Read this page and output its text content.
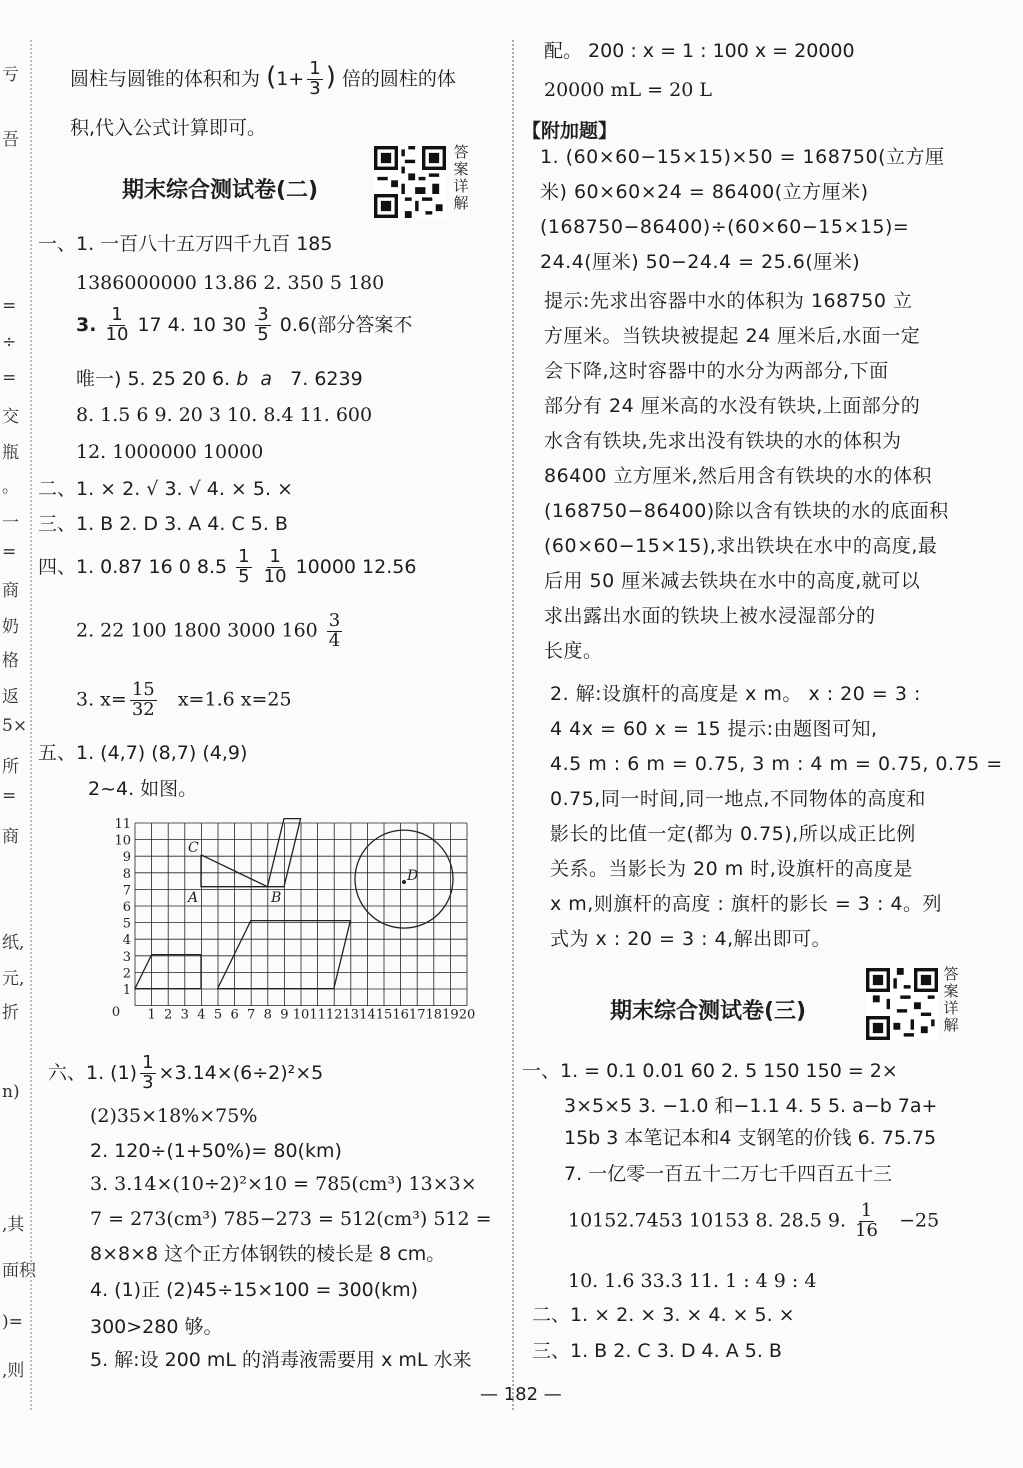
亏
吾
=
÷
=
交
瓶
。
一
=
商
奶
格
返
5×
所
=
商
纸,
元,
折
n)
,其
面积
)=
,则
圆柱与圆锥的体积和为 ($1+ \frac{1}{3}$ ) 倍的圆柱的体
积,代入公式计算即可。
期末综合测试卷(二)
答
案
详
解
一、1. 一百八十五万四千九百 185
1386000000 13.86 2. 350 5 180
3. $\frac{1}{10} 17$ 4. 10 $30 \frac{3}{5} 0.6$(部分答案不
唯一) 5. 25 20 6. b a 7. 6239
8. 1.5 6 9. 20 3 10. 8.4 11. 600
12. 1000000 10000
二、1. × 2. √ 3. √ 4. × 5. ×
三、1. B 2. D 3. A 4. C 5. B
四、1. 0.87 16 0 $8.5 \frac{1}{5}$
$\frac{1}{10} 10000$ 12.56
2. 22 100 1800 3000 $160 \frac{3}{4}$
3. $x= \frac{15}{32} x=1.6$ x=25
五、1. (4,7) (8,7) (4,9)
2~4. 如图。
0 1 2 3 4 5 6 7 8 9 10 11 12 13 14 15 16 17 18 19 20
1
2
3
4
5
6
7
8
9
10
11
C
A	B
D
六、1. $(1) \frac{1}{3} \times 3.14\times(6\div 2)^2\times 5$
(2)35×18%×75%
2. 120÷(1+50%)= 80(km)
3. 3.14×(10÷2)²×10 = 785(cm³) 13×3×
7 = 273(cm³) 785−273 = 512(cm³) 512 =
8×8×8 这个正方体钢铁的棱长是 8 cm。
4. (1)正 (2)45÷15×100 = 300(km)
300>280 够。
5. 解:设 200 mL 的消毒液需要用 x mL 水来
配。 200 : x = 1 : 100 x = 20000
20000 mL = 20 L
【附加题】
1. (60×60−15×15)×50 = 168750(立方厘
米) 60×60×24 = 86400(立方厘米)
(168750−86400)÷(60×60−15×15)=
24.4(厘米) 50−24.4 = 25.6(厘米)
提示:先求出容器中水的体积为 168750 立
方厘米。当铁块被提起 24 厘米后,水面一定
会下降,这时容器中的水分为两部分,下面
部分有 24 厘米高的水没有铁块,上面部分的
水含有铁块,先求出没有铁块的水的体积为
86400 立方厘米,然后用含有铁块的水的体积
(168750−86400)除以含有铁块的水的底面积
(60×60−15×15),求出铁块在水中的高度,最
后用 50 厘米减去铁块在水中的高度,就可以
求出露出水面的铁块上被水浸湿部分的
长度。
2. 解:设旗杆的高度是 x m。 x : 20 = 3 :
4 4x = 60 x = 15 提示:由题图可知,
4.5 m : 6 m = 0.75, 3 m : 4 m = 0.75, 0.75 =
0.75,同一时间,同一地点,不同物体的高度和
影长的比值一定(都为 0.75),所以成正比例
关系。当影长为 20 m 时,设旗杆的高度是
x m,则旗杆的高度 : 旗杆的影长 = 3 : 4。列
式为 x : 20 = 3 : 4,解出即可。
期末综合测试卷(三)
答
案
详
解
一、1. = 0.1 0.01 60 2. 5 150 150 = 2×
3×5×5 3. −1.0 和−1.1 4. 5 5. a−b 7a+
15b 3 本笔记本和4 支钢笔的价钱 6. 75.75
7. 一亿零一百五十二万七千四百五十三
10152.7453 10153 8. 28.5 9. $\frac{1}{16} -25$
10. 1.6 33.3 11. 1 : 4 9 : 4
二、1. × 2. × 3. × 4. × 5. ×
三、1. B 2. C 3. D 4. A 5. B
— 182 —
